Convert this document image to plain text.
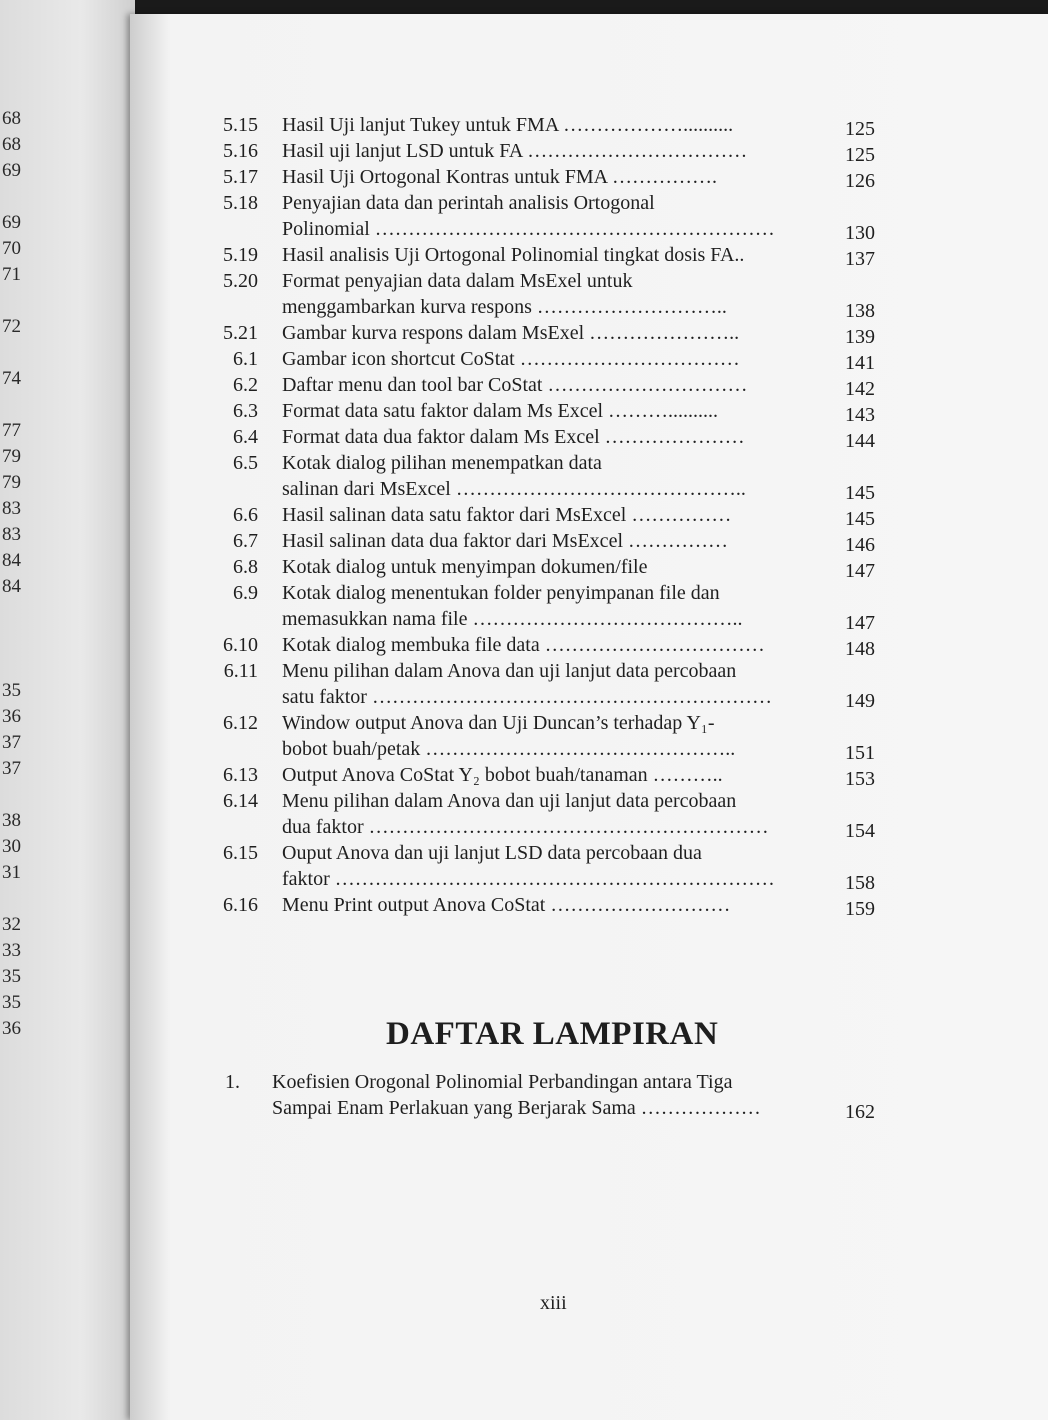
68
68
69
69
70
71
72
74
77
79
79
83
83
84
84
35
36
37
37
38
30
31
32
33
35
35
36
5.15 Hasil Uji lanjut Tukey untuk FMA ………………..........	125
5.16 Hasil uji lanjut LSD untuk FA ……………………………	125
5.17 Hasil Uji Ortogonal Kontras untuk FMA …………….	126
5.18 Penyajian data dan perintah analisis Ortogonal
Polinomial ……………………………………………………	130
5.19 Hasil analisis Uji Ortogonal Polinomial tingkat dosis FA..	137
5.20 Format penyajian data dalam MsExel untuk
menggambarkan kurva respons ………………………..	138
5.21 Gambar kurva respons dalam MsExel …………………..	139
6.1 Gambar icon shortcut CoStat ……………………………	141
6.2 Daftar menu dan tool bar CoStat …………………………	142
6.3 Format data satu faktor dalam Ms Excel ………..........	143
6.4 Format data dua faktor dalam Ms Excel …………………	144
6.5 Kotak dialog pilihan menempatkan data
salinan dari MsExcel ……………………………………..	145
6.6 Hasil salinan data satu faktor dari MsExcel ……………	145
6.7 Hasil salinan data dua faktor dari MsExcel ……………	146
6.8 Kotak dialog untuk menyimpan dokumen/file	147
6.9 Kotak dialog menentukan folder penyimpanan file dan
memasukkan nama file …………………………………..	147
6.10 Kotak dialog membuka file data ……………………………	148
6.11 Menu pilihan dalam Anova dan uji lanjut data percobaan
satu faktor ……………………………………………………	149
6.12 Window output Anova dan Uji Duncan’s terhadap Y₁-
bobot buah/petak ………………………………………..	151
6.13 Output Anova CoStat Y₂ bobot buah/tanaman ………..	153
6.14 Menu pilihan dalam Anova dan uji lanjut data percobaan
dua faktor ……………………………………………………	154
6.15 Ouput Anova dan uji lanjut LSD data percobaan dua
faktor …………………………………………………………	158
6.16 Menu Print output Anova CoStat ………………………	159
DAFTAR LAMPIRAN
1. Koefisien Orogonal Polinomial Perbandingan antara Tiga
Sampai Enam Perlakuan yang Berjarak Sama ………………	162
xiii
